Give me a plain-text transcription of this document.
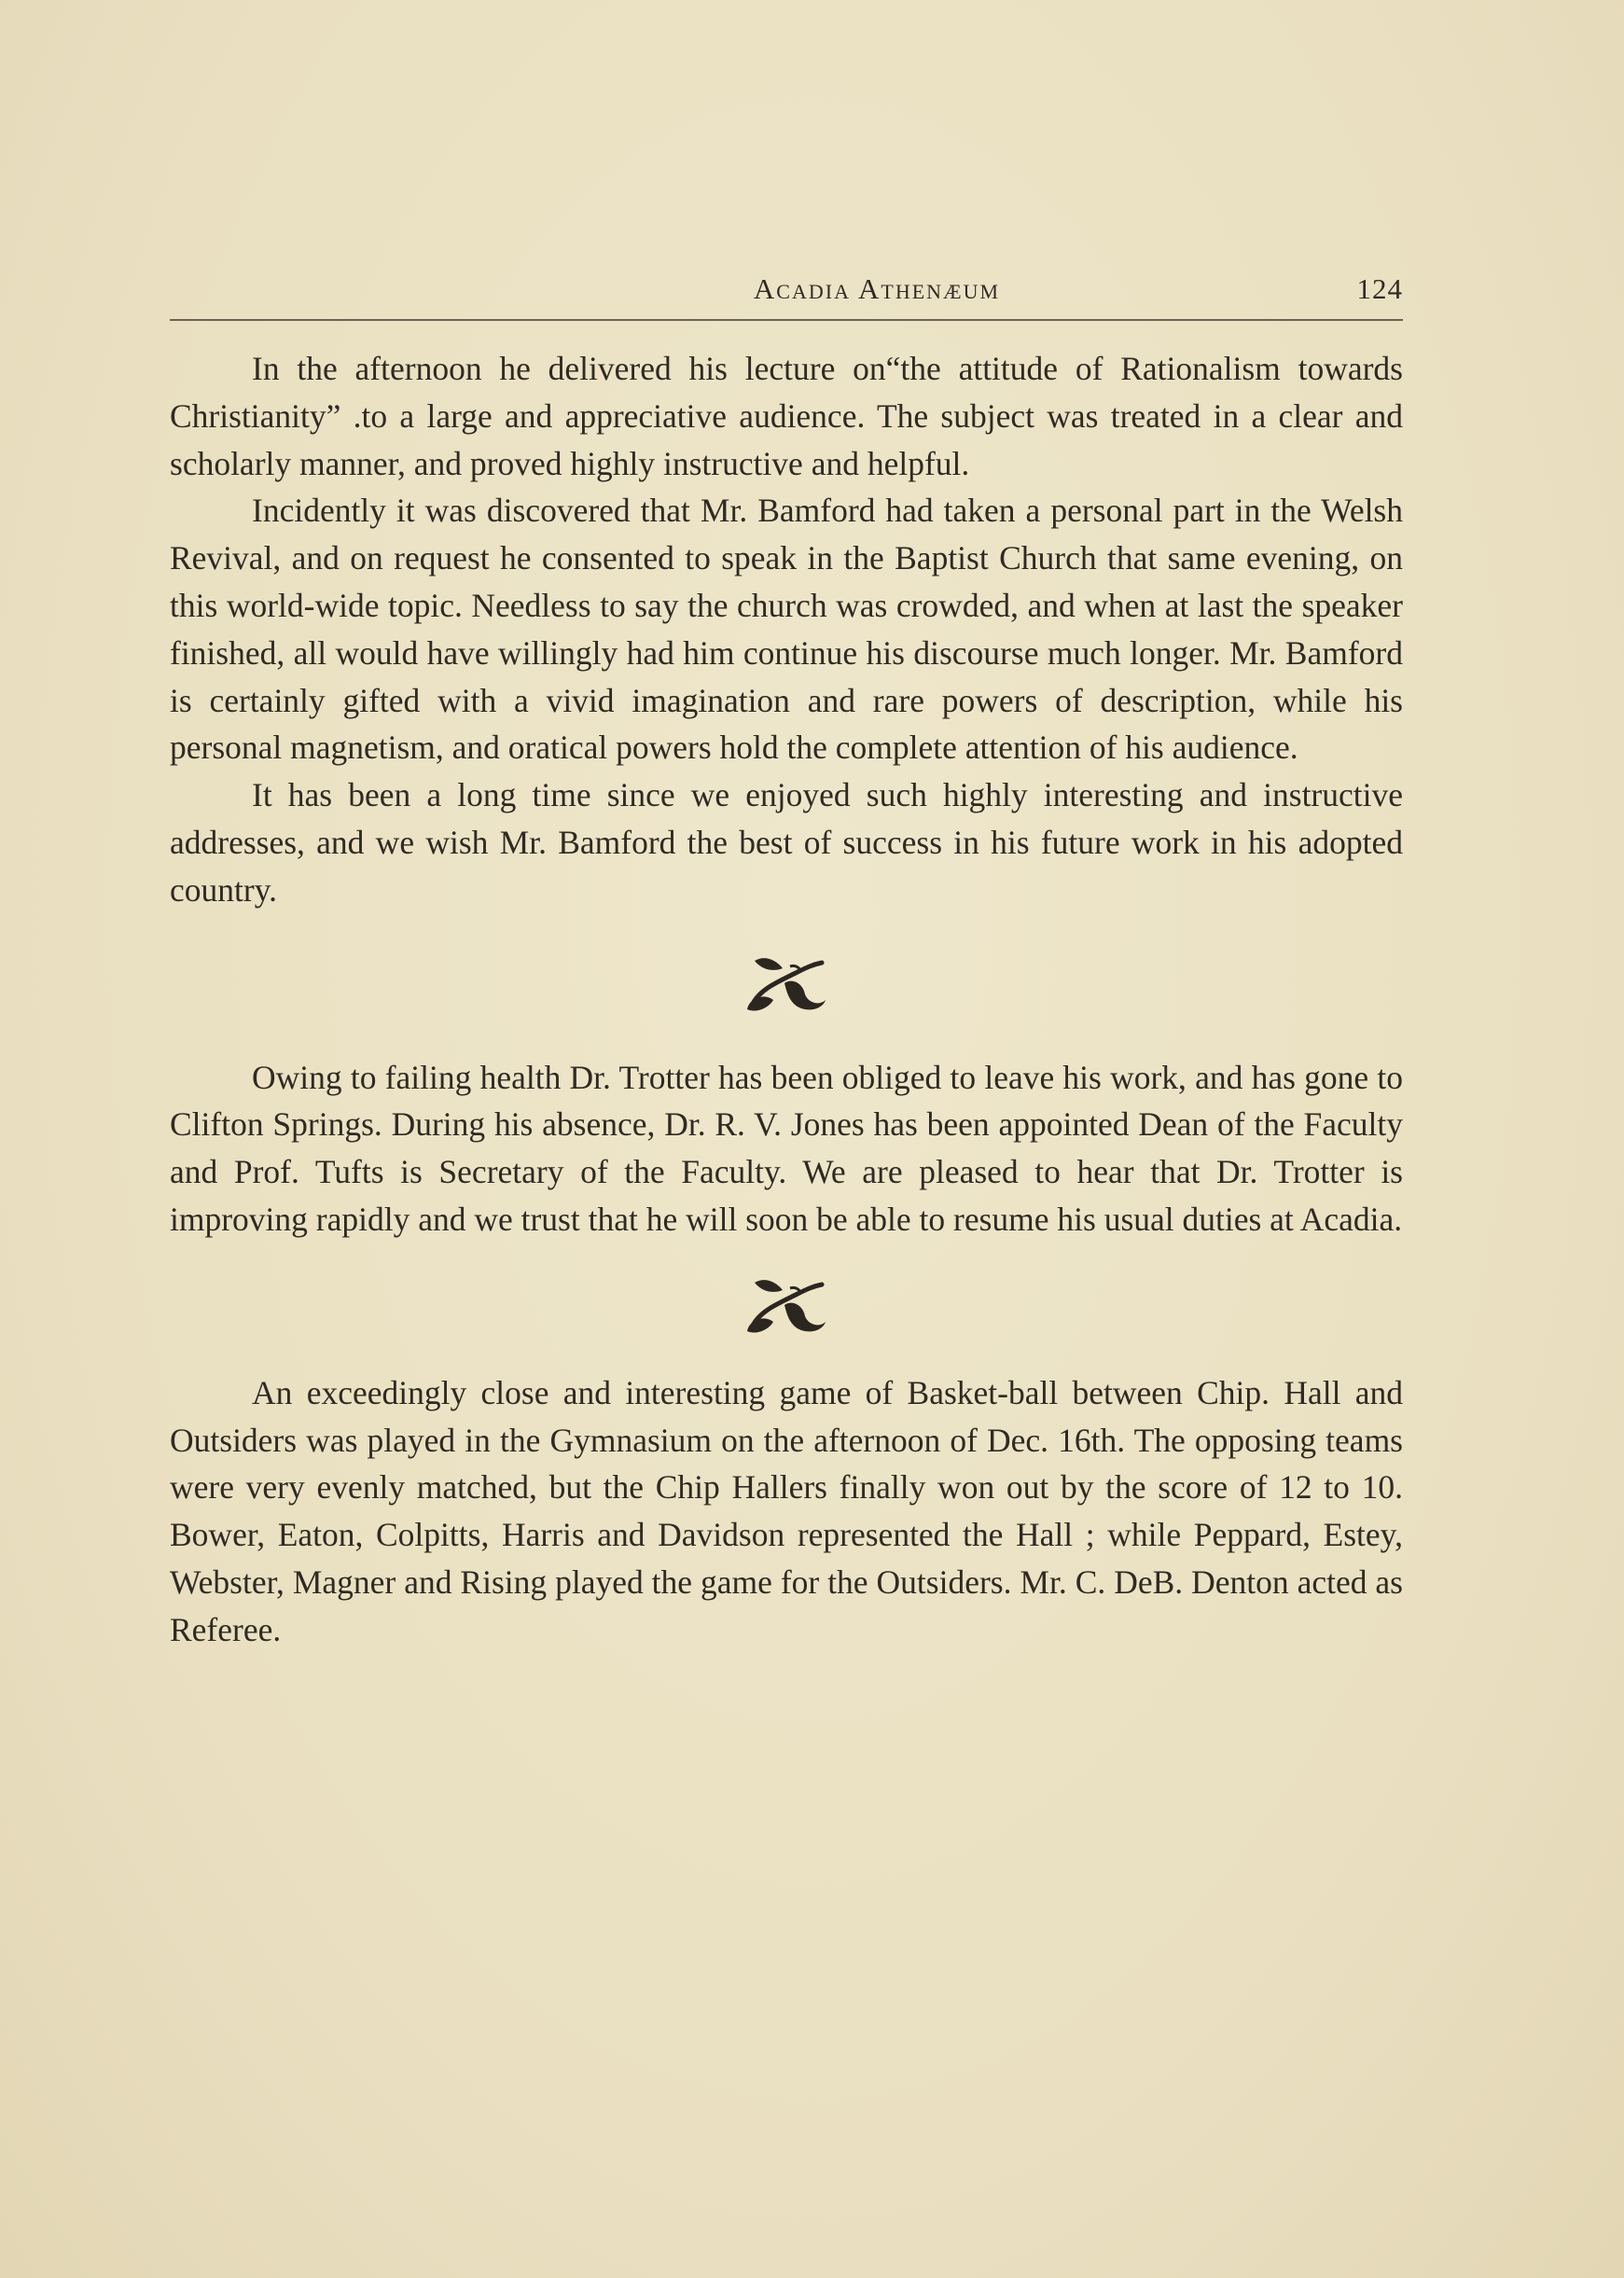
Acadia Athenæum	124

In the afternoon he delivered his lecture on“the attitude of Rationalism towards Christianity” .to a large and appreciative audience. The subject was treated in a clear and scholarly manner, and proved highly instructive and helpful.

Incidently it was discovered that Mr. Bamford had taken a personal part in the Welsh Revival, and on request he consented to speak in the Baptist Church that same evening, on this world-wide topic. Needless to say the church was crowded, and when at last the speaker finished, all would have willingly had him continue his discourse much longer. Mr. Bamford is certainly gifted with a vivid imagination and rare powers of description, while his personal magnetism, and oratical powers hold the complete attention of his audience.

It has been a long time since we enjoyed such highly interesting and instructive addresses, and we wish Mr. Bamford the best of success in his future work in his adopted country.

Owing to failing health Dr. Trotter has been obliged to leave his work, and has gone to Clifton Springs. During his absence, Dr. R. V. Jones has been appointed Dean of the Faculty and Prof. Tufts is Secretary of the Faculty. We are pleased to hear that Dr. Trotter is improving rapidly and we trust that he will soon be able to resume his usual duties at Acadia.

An exceedingly close and interesting game of Basket-ball between Chip. Hall and Outsiders was played in the Gymnasium on the afternoon of Dec. 16th. The opposing teams were very evenly matched, but the Chip Hallers finally won out by the score of 12 to 10. Bower, Eaton, Colpitts, Harris and Davidson represented the Hall ; while Peppard, Estey, Webster, Magner and Rising played the game for the Outsiders. Mr. C. DeB. Denton acted as Referee.
